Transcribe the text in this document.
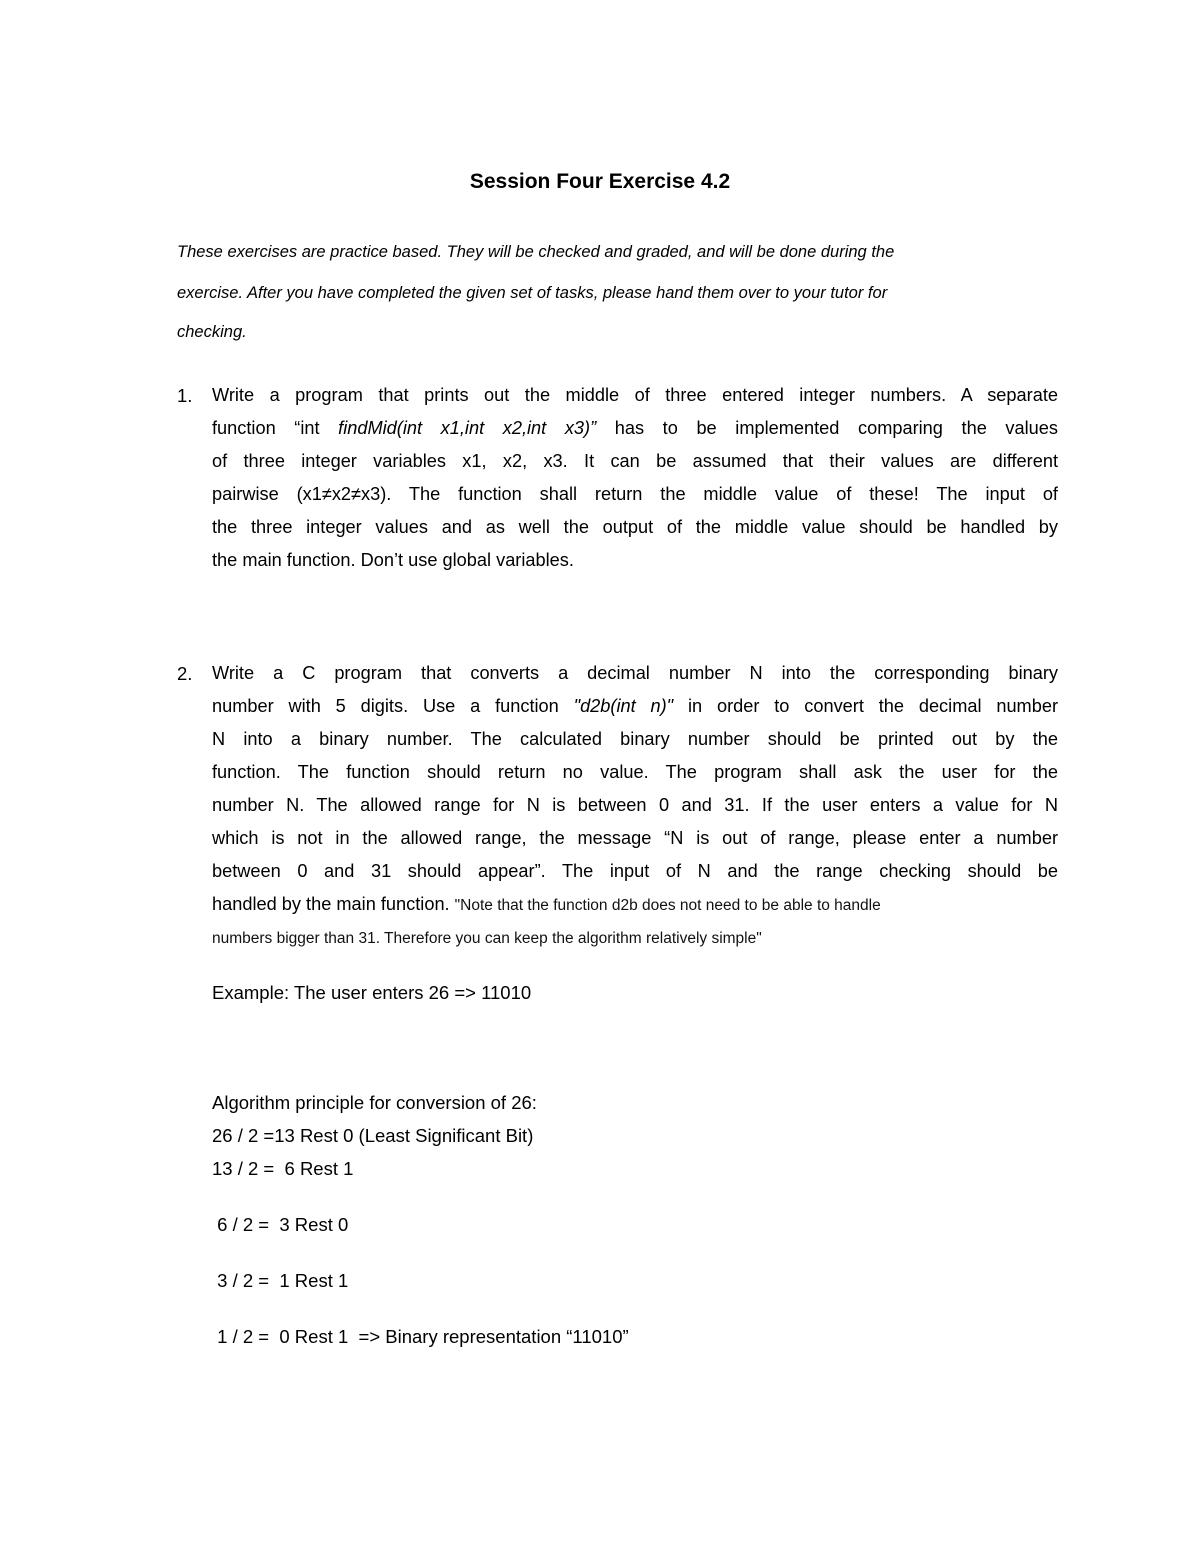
Session Four Exercise 4.2
These exercises are practice based. They will be checked and graded, and will be done during the
exercise. After you have completed the given set of tasks, please hand them over to your tutor for
checking.
1. Write a program that prints out the middle of three entered integer numbers. A separate
function “int findMid(int x1,int x2,int x3)” has to be implemented comparing the values
of three integer variables x1, x2, x3. It can be assumed that their values are different
pairwise (x1≠x2≠x3). The function shall return the middle value of these! The input of
the three integer values and as well the output of the middle value should be handled by
the main function. Don’t use global variables.
2. Write a C program that converts a decimal number N into the corresponding binary
number with 5 digits. Use a function "d2b(int n)" in order to convert the decimal number
N into a binary number. The calculated binary number should be printed out by the
function. The function should return no value. The program shall ask the user for the
number N. The allowed range for N is between 0 and 31. If the user enters a value for N
which is not in the allowed range, the message “N is out of range, please enter a number
between 0 and 31 should appear”. The input of N and the range checking should be
handled by the main function. "Note that the function d2b does not need to be able to handle
numbers bigger than 31. Therefore you can keep the algorithm relatively simple"
Example: The user enters 26 => 11010
Algorithm principle for conversion of 26:
26 / 2 =13 Rest 0 (Least Significant Bit)
13 / 2 =  6 Rest 1
6 / 2 =  3 Rest 0
3 / 2 =  1 Rest 1
1 / 2 =  0 Rest 1  => Binary representation “11010”
